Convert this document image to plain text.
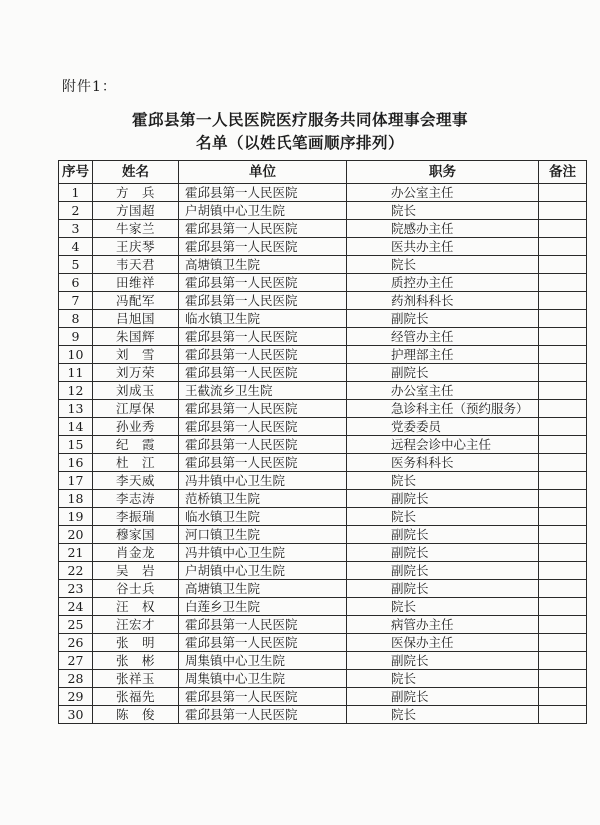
附件1：
霍邱县第一人民医院医疗服务共同体理事会理事
名单（以姓氏笔画顺序排列）
序号	姓名	单位	职务	备注
1	方　兵	霍邱县第一人民医院	办公室主任	
2	方国超	户胡镇中心卫生院	院长	
3	牛家兰	霍邱县第一人民医院	院感办主任	
4	王庆琴	霍邱县第一人民医院	医共办主任	
5	韦天君	高塘镇卫生院	院长	
6	田维祥	霍邱县第一人民医院	质控办主任	
7	冯配军	霍邱县第一人民医院	药剂科科长	
8	吕旭国	临水镇卫生院	副院长	
9	朱国辉	霍邱县第一人民医院	经管办主任	
10	刘　雪	霍邱县第一人民医院	护理部主任	
11	刘万荣	霍邱县第一人民医院	副院长	
12	刘成玉	王截流乡卫生院	办公室主任	
13	江厚保	霍邱县第一人民医院	急诊科主任（预约服务）	
14	孙业秀	霍邱县第一人民医院	党委委员	
15	纪　霞	霍邱县第一人民医院	远程会诊中心主任	
16	杜　江	霍邱县第一人民医院	医务科科长	
17	李天威	冯井镇中心卫生院	院长	
18	李志涛	范桥镇卫生院	副院长	
19	李振瑞	临水镇卫生院	院长	
20	穆家国	河口镇卫生院	副院长	
21	肖金龙	冯井镇中心卫生院	副院长	
22	吴　岩	户胡镇中心卫生院	副院长	
23	谷士兵	高塘镇卫生院	副院长	
24	汪　权	白莲乡卫生院	院长	
25	汪宏才	霍邱县第一人民医院	病管办主任	
26	张　明	霍邱县第一人民医院	医保办主任	
27	张　彬	周集镇中心卫生院	副院长	
28	张祥玉	周集镇中心卫生院	院长	
29	张福先	霍邱县第一人民医院	副院长	
30	陈　俊	霍邱县第一人民医院	院长	
